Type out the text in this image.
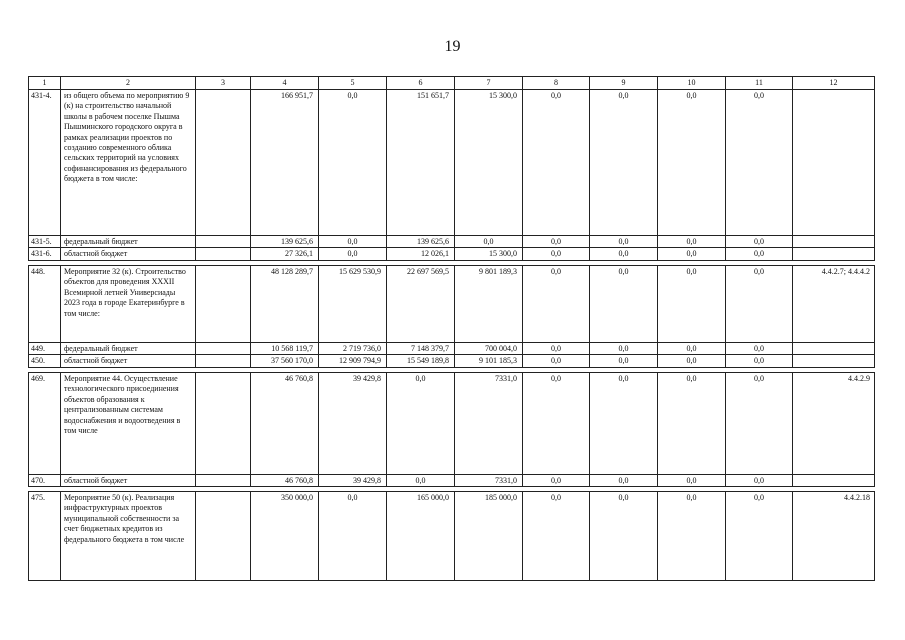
19
1	2	3	4	5	6	7	8	9	10	11	12
431-4.	из общего объема по мероприятию 9 (к) на строительство начальной школы в рабочем поселке Пышма Пышминского городского округа в рамках реализации проектов по созданию современного облика сельских территорий на условиях софинансирования из федерального бюджета в том числе:		166 951,7	0,0	151 651,7	15 300,0	0,0	0,0	0,0	0,0	
431-5.	федеральный бюджет		139 625,6	0,0	139 625,6	0,0	0,0	0,0	0,0	0,0	
431-6.	областной бюджет		27 326,1	0,0	12 026,1	15 300,0	0,0	0,0	0,0	0,0	
448.	Мероприятие 32 (к). Строительство объектов для проведения XXXII Всемирной летней Универсиады 2023 года в городе Екатеринбурге в том числе:		48 128 289,7	15 629 530,9	22 697 569,5	9 801 189,3	0,0	0,0	0,0	0,0	4.4.2.7; 4.4.4.2
449.	федеральный бюджет		10 568 119,7	2 719 736,0	7 148 379,7	700 004,0	0,0	0,0	0,0	0,0	
450.	областной бюджет		37 560 170,0	12 909 794,9	15 549 189,8	9 101 185,3	0,0	0,0	0,0	0,0	
469.	Мероприятие 44. Осуществление технологического присоединения объектов образования к централизованным системам водоснабжения и водоотведения в том числе		46 760,8	39 429,8	0,0	7331,0	0,0	0,0	0,0	0,0	4.4.2.9
470.	областной бюджет		46 760,8	39 429,8	0,0	7331,0	0,0	0,0	0,0	0,0	
475.	Мероприятие 50 (к). Реализация инфраструктурных проектов муниципальной собственности за счет бюджетных кредитов из федерального бюджета в том числе		350 000,0	0,0	165 000,0	185 000,0	0,0	0,0	0,0	0,0	4.4.2.18
